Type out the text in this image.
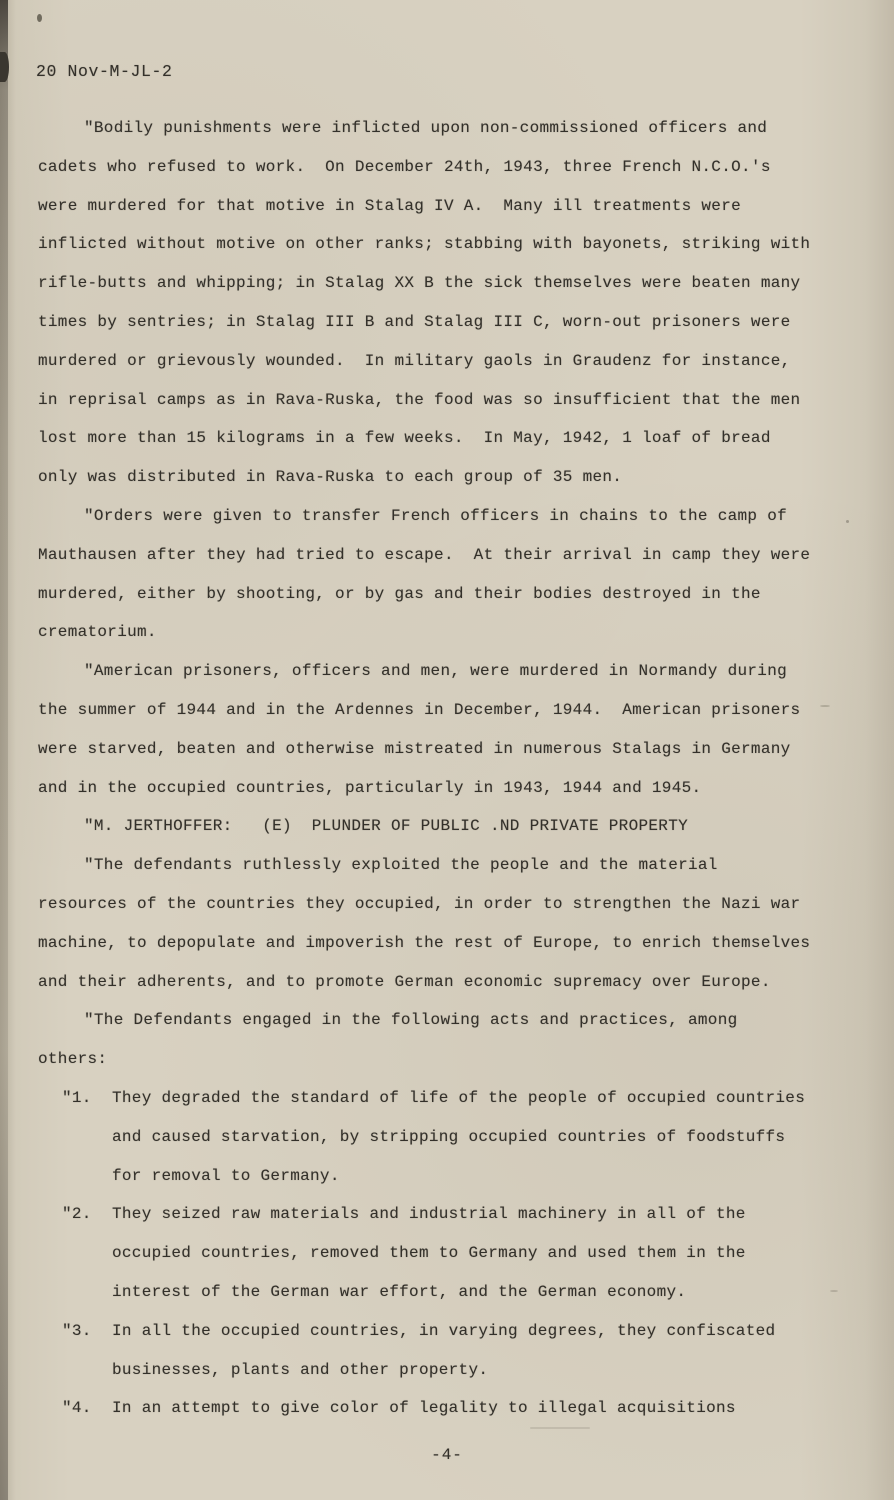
20 Nov-M-JL-2

"Bodily punishments were inflicted upon non-commissioned officers and cadets who refused to work.  On December 24th, 1943, three French N.C.O.'s were murdered for that motive in Stalag IV A.  Many ill treatments were inflicted without motive on other ranks; stabbing with bayonets, striking with rifle-butts and whipping; in Stalag XX B the sick themselves were beaten many times by sentries; in Stalag III B and Stalag III C, worn-out prisoners were murdered or grievously wounded.  In military gaols in Graudenz for instance, in reprisal camps as in Rava-Ruska, the food was so insufficient that the men lost more than 15 kilograms in a few weeks.  In May, 1942, 1 loaf of bread only was distributed in Rava-Ruska to each group of 35 men.

"Orders were given to transfer French officers in chains to the camp of Mauthausen after they had tried to escape.  At their arrival in camp they were murdered, either by shooting, or by gas and their bodies destroyed in the crematorium.

"American prisoners, officers and men, were murdered in Normandy during the summer of 1944 and in the Ardennes in December, 1944.  American prisoners were starved, beaten and otherwise mistreated in numerous Stalags in Germany and in the occupied countries, particularly in 1943, 1944 and 1945.

"M. JERTHOFFER:   (E)  PLUNDER OF PUBLIC .ND PRIVATE PROPERTY

"The defendants ruthlessly exploited the people and the material resources of the countries they occupied, in order to strengthen the Nazi war machine, to depopulate and impoverish the rest of Europe, to enrich themselves and their adherents, and to promote German economic supremacy over Europe.

"The Defendants engaged in the following acts and practices, among others:

"1.	They degraded the standard of life of the people of occupied countries and caused starvation, by stripping occupied countries of foodstuffs for removal to Germany.
"2.	They seized raw materials and industrial machinery in all of the occupied countries, removed them to Germany and used them in the interest of the German war effort, and the German economy.
"3.	In all the occupied countries, in varying degrees, they confiscated businesses, plants and other property.
"4.	In an attempt to give color of legality to illegal acquisitions
-4-
